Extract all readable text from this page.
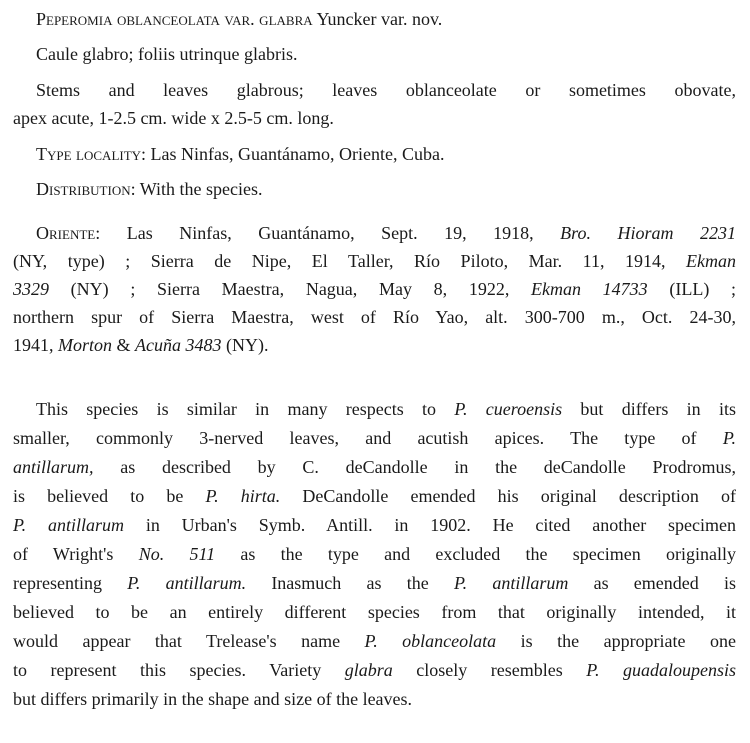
Peperomia oblanceolata var. glabra Yuncker var. nov.
Caule glabro; foliis utrinque glabris.
Stems and leaves glabrous; leaves oblanceolate or sometimes obovate,
apex acute, 1-2.5 cm. wide x 2.5-5 cm. long.
Type locality: Las Ninfas, Guantánamo, Oriente, Cuba.
Distribution: With the species.
Oriente: Las Ninfas, Guantánamo, Sept. 19, 1918, Bro. Hioram 2231
(NY, type) ; Sierra de Nipe, El Taller, Río Piloto, Mar. 11, 1914, Ekman
3329 (NY) ; Sierra Maestra, Nagua, May 8, 1922, Ekman 14733 (ILL) ;
northern spur of Sierra Maestra, west of Río Yao, alt. 300-700 m., Oct. 24-30,
1941, Morton & Acuña 3483 (NY).
This species is similar in many respects to P. cueroensis but differs in its
smaller, commonly 3-nerved leaves, and acutish apices. The type of P.
antillarum, as described by C. deCandolle in the deCandolle Prodromus,
is believed to be P. hirta. DeCandolle emended his original description of
P. antillarum in Urban's Symb. Antill. in 1902. He cited another specimen
of Wright's No. 511 as the type and excluded the specimen originally
representing P. antillarum. Inasmuch as the P. antillarum as emended is
believed to be an entirely different species from that originally intended, it
would appear that Trelease's name P. oblanceolata is the appropriate one
to represent this species. Variety glabra closely resembles P. guadaloupensis
but differs primarily in the shape and size of the leaves.
